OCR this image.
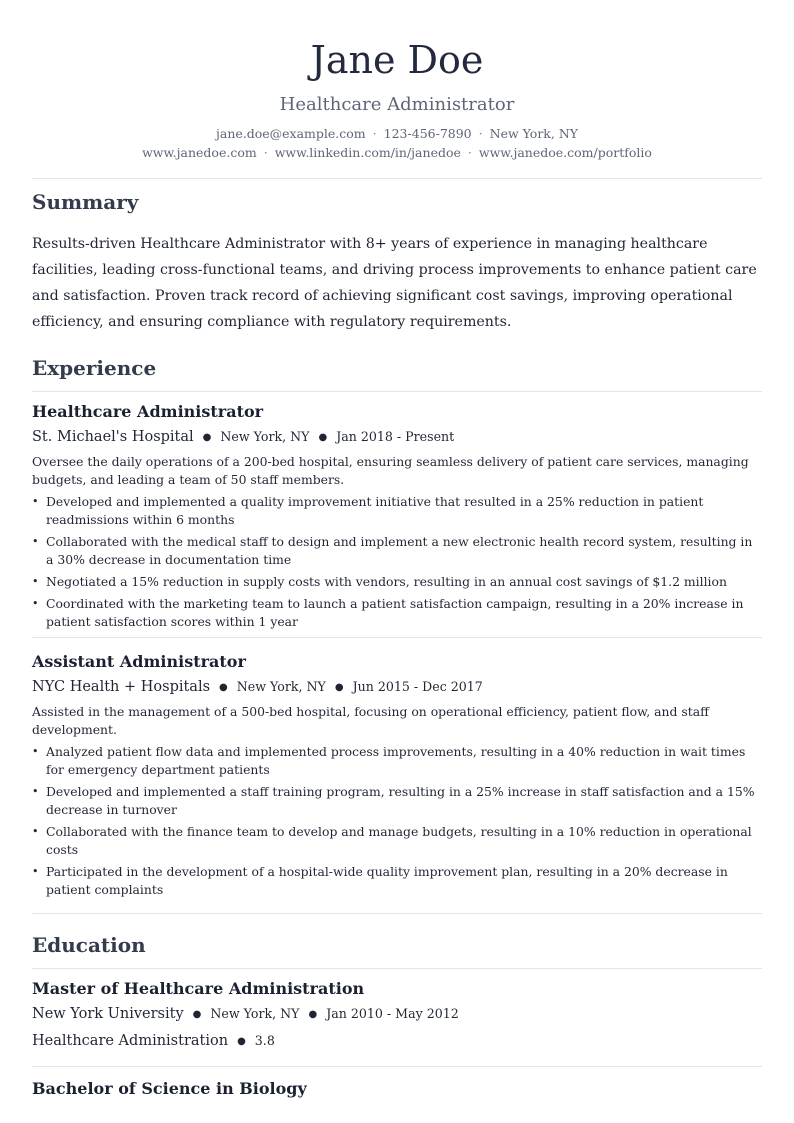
Jane Doe
Healthcare Administrator
jane.doe@example.com · 123-456-7890 · New York, NY
www.janedoe.com · www.linkedin.com/in/janedoe · www.janedoe.com/portfolio
Summary

Results-driven Healthcare Administrator with 8+ years of experience in managing healthcare facilities, leading cross-functional teams, and driving process improvements to enhance patient care and satisfaction. Proven track record of achieving significant cost savings, improving operational efficiency, and ensuring compliance with regulatory requirements.

Experience
Healthcare Administrator
St. Michael's Hospital ● New York, NY ● Jan 2018 - Present
Oversee the daily operations of a 200-bed hospital, ensuring seamless delivery of patient care services, managing budgets, and leading a team of 50 staff members.
• Developed and implemented a quality improvement initiative that resulted in a 25% reduction in patient readmissions within 6 months
• Collaborated with the medical staff to design and implement a new electronic health record system, resulting in a 30% decrease in documentation time
• Negotiated a 15% reduction in supply costs with vendors, resulting in an annual cost savings of $1.2 million
• Coordinated with the marketing team to launch a patient satisfaction campaign, resulting in a 20% increase in patient satisfaction scores within 1 year
Assistant Administrator
NYC Health + Hospitals ● New York, NY ● Jun 2015 - Dec 2017
Assisted in the management of a 500-bed hospital, focusing on operational efficiency, patient flow, and staff development.
• Analyzed patient flow data and implemented process improvements, resulting in a 40% reduction in wait times for emergency department patients
• Developed and implemented a staff training program, resulting in a 25% increase in staff satisfaction and a 15% decrease in turnover
• Collaborated with the finance team to develop and manage budgets, resulting in a 10% reduction in operational costs
• Participated in the development of a hospital-wide quality improvement plan, resulting in a 20% decrease in patient complaints
Education
Master of Healthcare Administration
New York University ● New York, NY ● Jan 2010 - May 2012
Healthcare Administration ● 3.8
Bachelor of Science in Biology
